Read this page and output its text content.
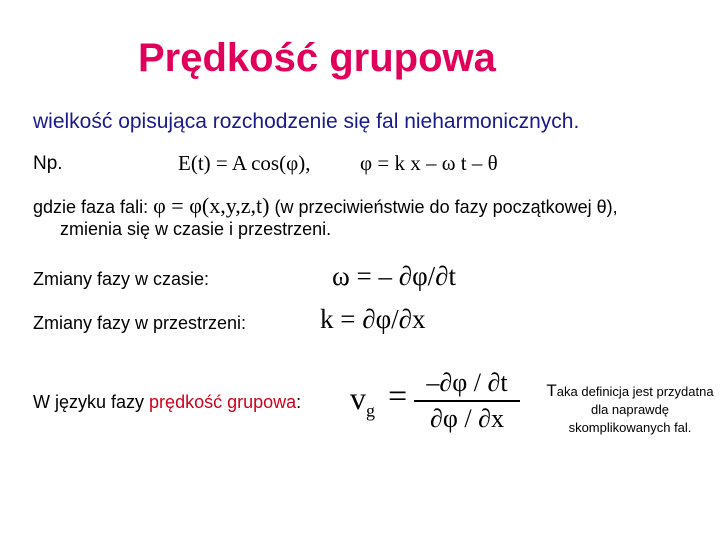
Prędkość grupowa
wielkość opisująca rozchodzenie się fal nieharmonicznych.
Np.	E(t) = A cos(φ), φ = k x – ω t – θ
gdzie faza fali: φ = φ(x,y,z,t) (w przeciwieństwie do fazy początkowej θ),
zmienia się w czasie i przestrzeni.
Zmiany fazy w czasie:	ω = – ∂φ/∂t
Zmiany fazy w przestrzeni:	k = ∂φ/∂x
W języku fazy prędkość grupowa: $v_g = \frac{-\partial\varphi / \partial t}{\partial\varphi / \partial x}$ Taka definicja jest przydatna dla naprawdę skomplikowanych fal.
